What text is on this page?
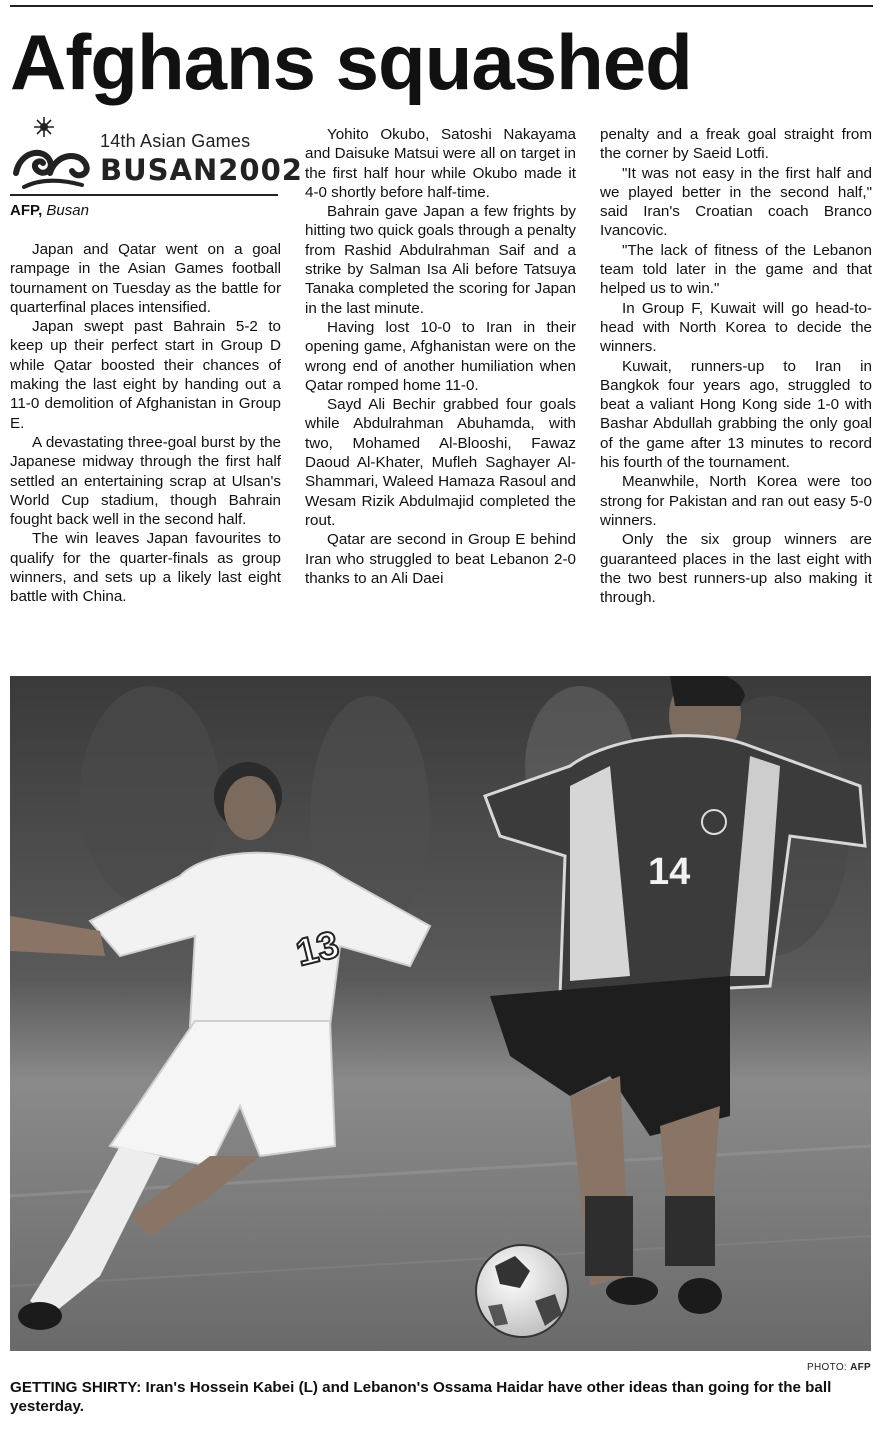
Afghans squashed
14th Asian Games
BUSAN2002
AFP, Busan

Japan and Qatar went on a goal rampage in the Asian Games football tournament on Tuesday as the battle for quarterfinal places intensified.

Japan swept past Bahrain 5-2 to keep up their perfect start in Group D while Qatar boosted their chances of making the last eight by handing out a 11-0 demolition of Afghanistan in Group E.

A devastating three-goal burst by the Japanese midway through the first half settled an entertaining scrap at Ulsan's World Cup stadium, though Bahrain fought back well in the second half.

The win leaves Japan favourites to qualify for the quarter-finals as group winners, and sets up a likely last eight battle with China.

Yohito Okubo, Satoshi Nakayama and Daisuke Matsui were all on target in the first half hour while Okubo made it 4-0 shortly before half-time.

Bahrain gave Japan a few frights by hitting two quick goals through a penalty from Rashid Abdulrahman Saif and a strike by Salman Isa Ali before Tatsuya Tanaka completed the scoring for Japan in the last minute.

Having lost 10-0 to Iran in their opening game, Afghanistan were on the wrong end of another humiliation when Qatar romped home 11-0.

Sayd Ali Bechir grabbed four goals while Abdulrahman Abuhamda, with two, Mohamed Al-Blooshi, Fawaz Daoud Al-Khater, Mufleh Saghayer Al-Shammari, Waleed Hamaza Rasoul and Wesam Rizik Abdulmajid completed the rout.

Qatar are second in Group E behind Iran who struggled to beat Lebanon 2-0 thanks to an Ali Daei

penalty and a freak goal straight from the corner by Saeid Lotfi.

"It was not easy in the first half and we played better in the second half," said Iran's Croatian coach Branco Ivancovic.

"The lack of fitness of the Lebanon team told later in the game and that helped us to win."

In Group F, Kuwait will go head-to-head with North Korea to decide the winners.

Kuwait, runners-up to Iran in Bangkok four years ago, struggled to beat a valiant Hong Kong side 1-0 with Bashar Abdullah grabbing the only goal of the game after 13 minutes to record his fourth of the tournament.

Meanwhile, North Korea were too strong for Pakistan and ran out easy 5-0 winners.

Only the six group winners are guaranteed places in the last eight with the two best runners-up also making it through.

13
14
PHOTO: AFP
GETTING SHIRTY: Iran's Hossein Kabei (L) and Lebanon's Ossama Haidar have other ideas than going for the ball yesterday.
